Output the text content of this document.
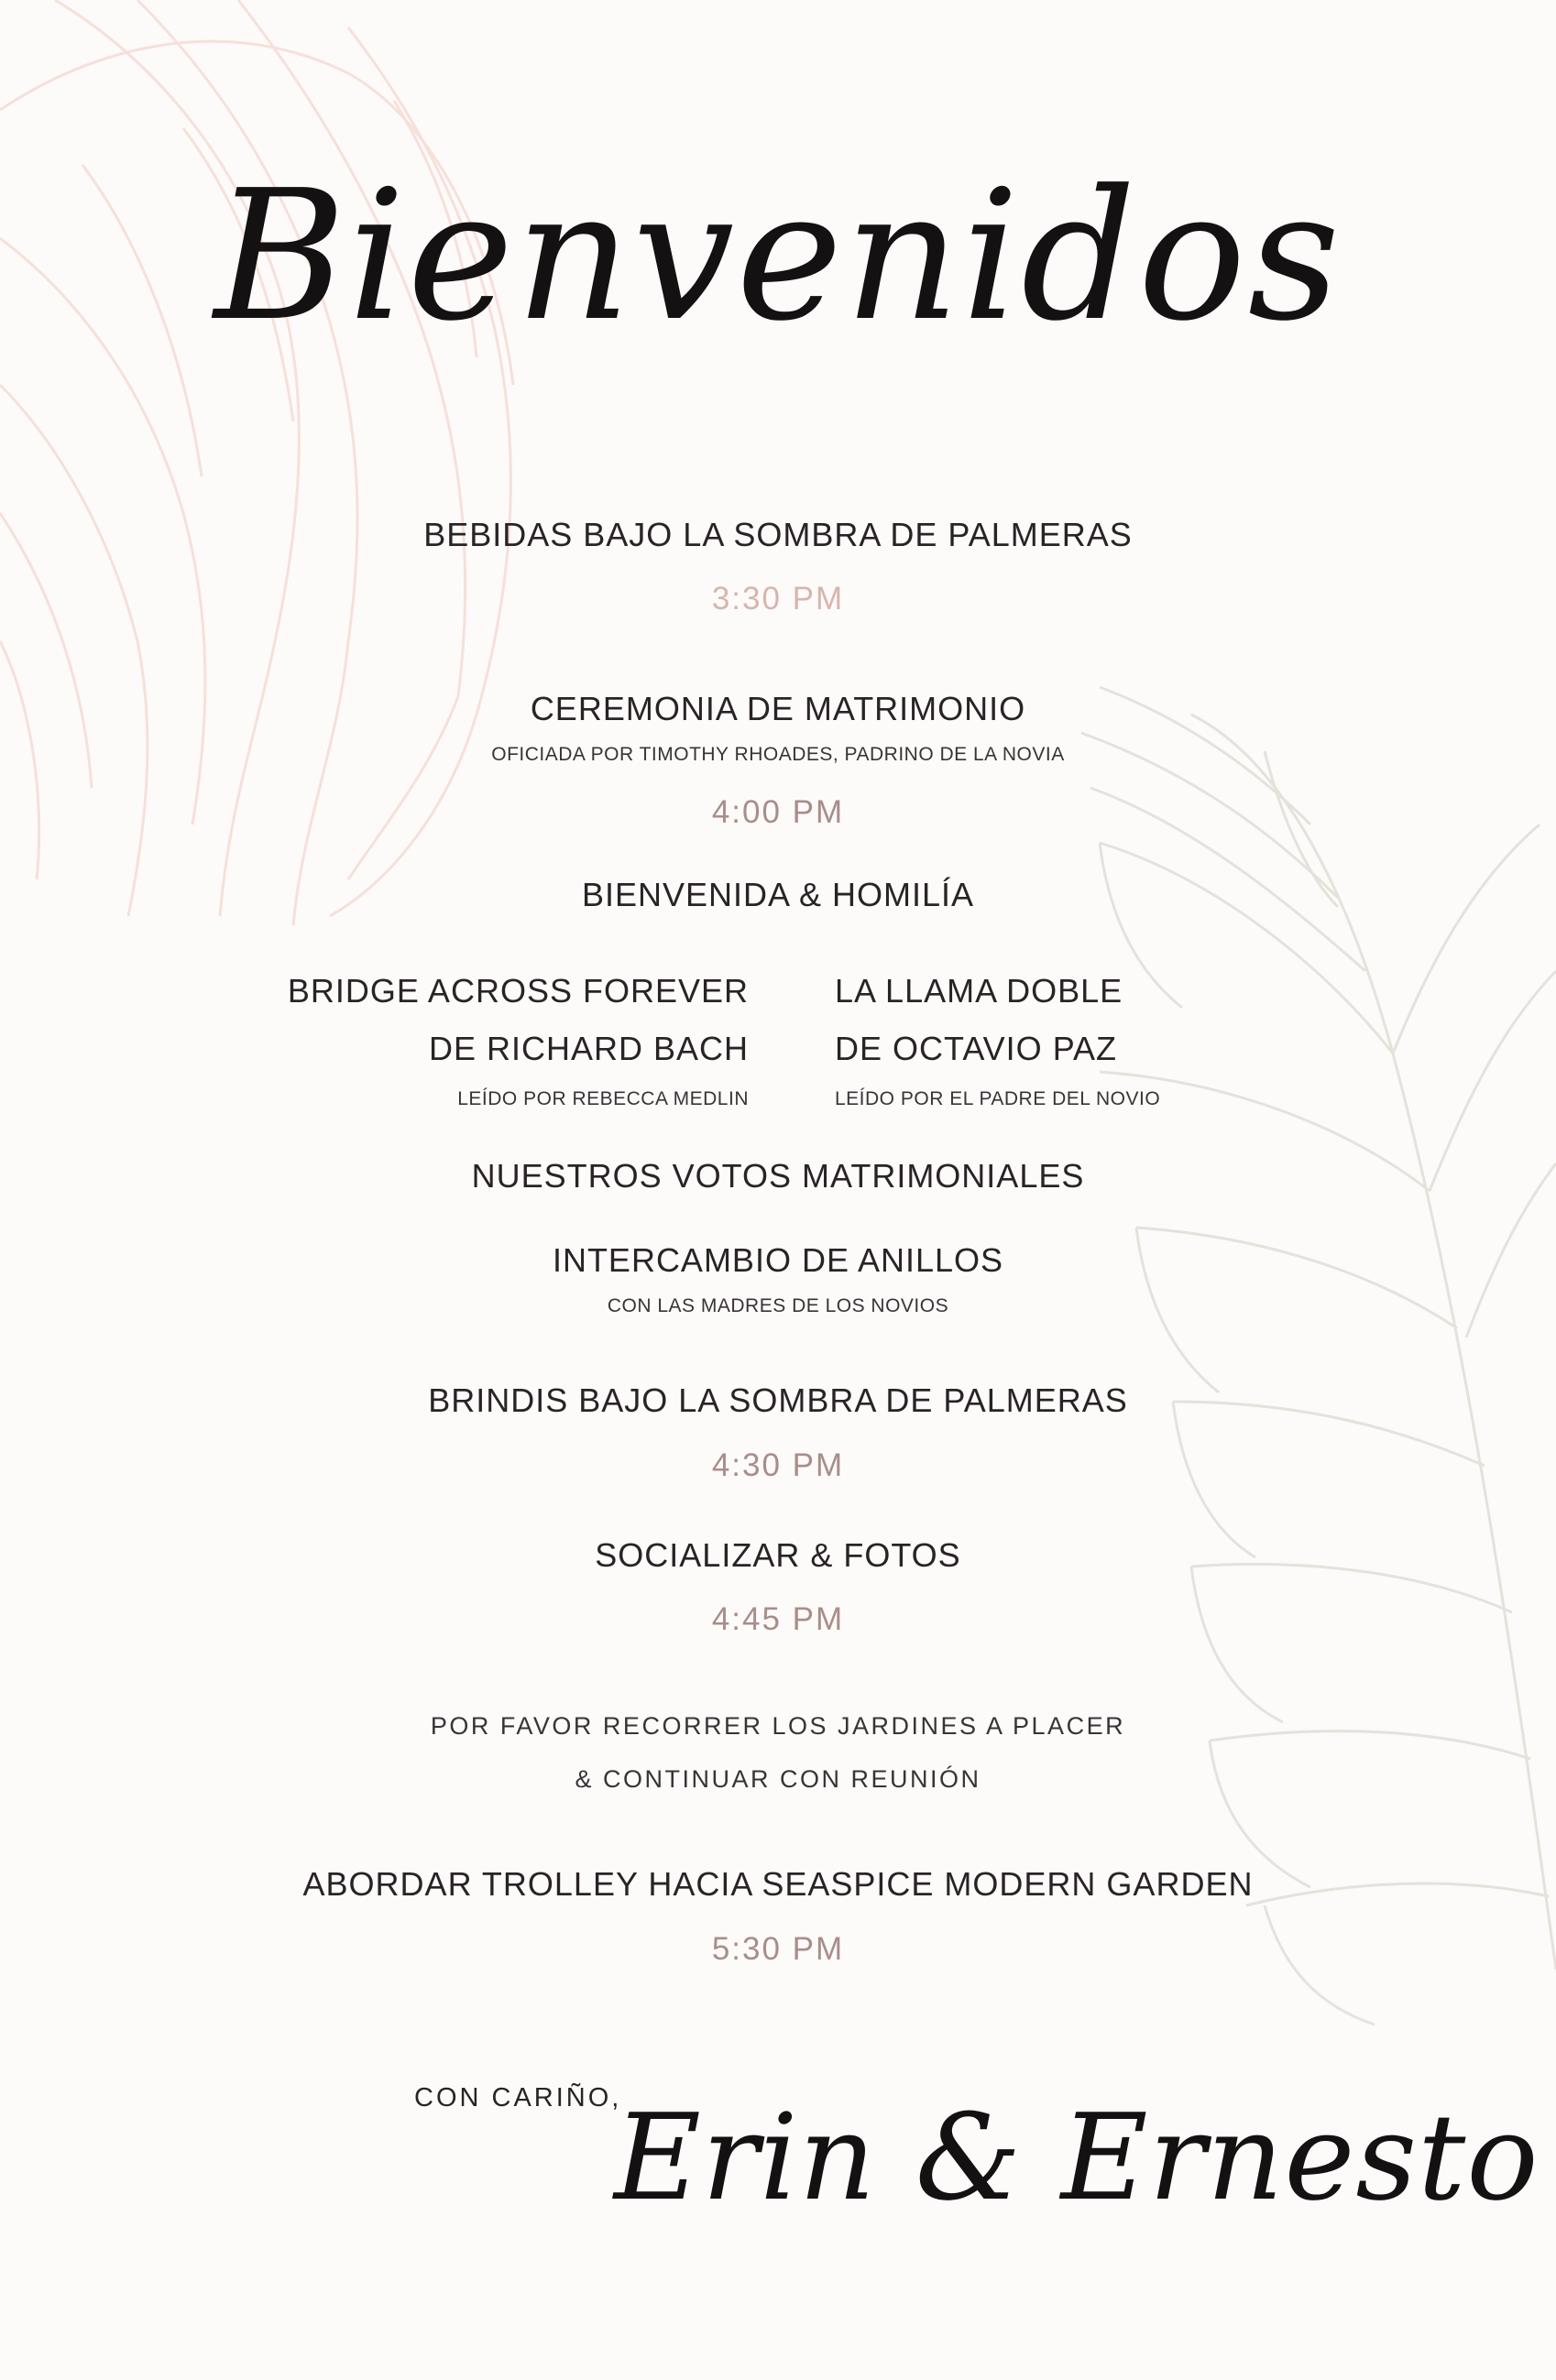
Bienvenidos
BEBIDAS BAJO LA SOMBRA DE PALMERAS
3:30 PM
CEREMONIA DE MATRIMONIO
OFICIADA POR TIMOTHY RHOADES, PADRINO DE LA NOVIA
4:00 PM
BIENVENIDA & HOMILÍA
BRIDGE ACROSS FOREVER
DE RICHARD BACH
LEÍDO POR REBECCA MEDLIN
LA LLAMA DOBLE
DE OCTAVIO PAZ
LEÍDO POR EL PADRE DEL NOVIO
NUESTROS VOTOS MATRIMONIALES
INTERCAMBIO DE ANILLOS
CON LAS MADRES DE LOS NOVIOS
BRINDIS BAJO LA SOMBRA DE PALMERAS
4:30 PM
SOCIALIZAR & FOTOS
4:45 PM
POR FAVOR RECORRER LOS JARDINES A PLACER
& CONTINUAR CON REUNIÓN
ABORDAR TROLLEY HACIA SEASPICE MODERN GARDEN
5:30 PM
CON CARIÑO,
Erin & Ernesto
